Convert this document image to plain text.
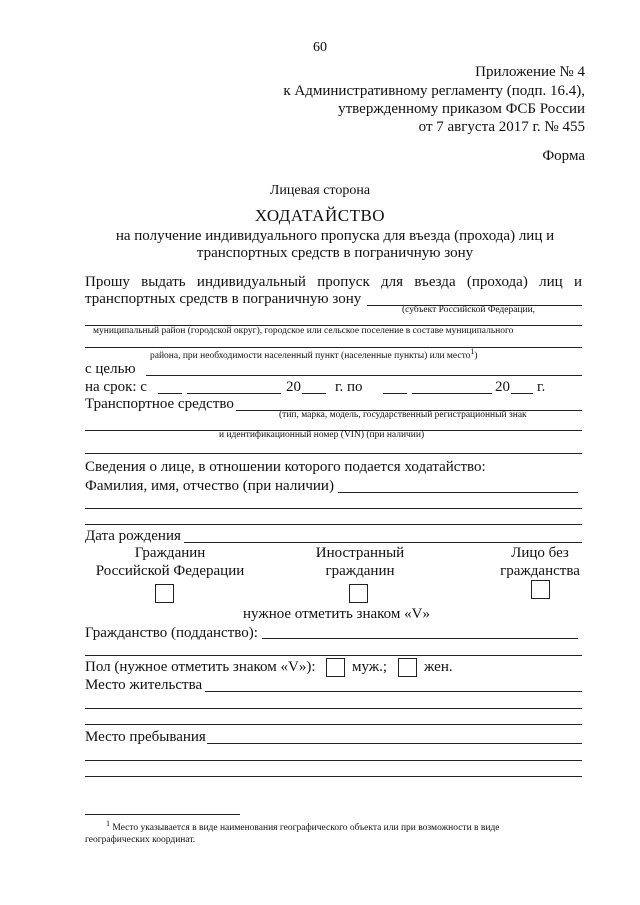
60
Приложение № 4
к Административному регламенту (подп. 16.4),
утвержденному приказом ФСБ России
от 7 августа 2017 г. № 455
Форма
Лицевая сторона
ХОДАТАЙСТВО
на получение индивидуального пропуска для въезда (прохода) лиц и
транспортных средств в пограничную зону
Прошу выдать индивидуальный пропуск для въезда (прохода) лиц и
транспортных средств в пограничную зону
(субъект Российской Федерации,
муниципальный район (городской округ), городское или сельское поселение в составе муниципального
района, при необходимости населенный пункт (населенные пункты) или место$^1$)
с целью
на срок: с	20 г. по	20 г.
Транспортное средство
(тип, марка, модель, государственный регистрационный знак
и идентификационный номер (VIN) (при наличии)
Сведения о лице, в отношении которого подается ходатайство:
Фамилия, имя, отчество (при наличии)
Дата рождения
Гражданин
Российской Федерации
Иностранный
гражданин
Лицо без
гражданства
нужное отметить знаком «V»
Гражданство (подданство):
Пол (нужное отметить знаком «V»): муж.; жен.
Место жительства
Место пребывания
$^1$ Место указывается в виде наименования географического объекта или при возможности в виде
географических координат.
